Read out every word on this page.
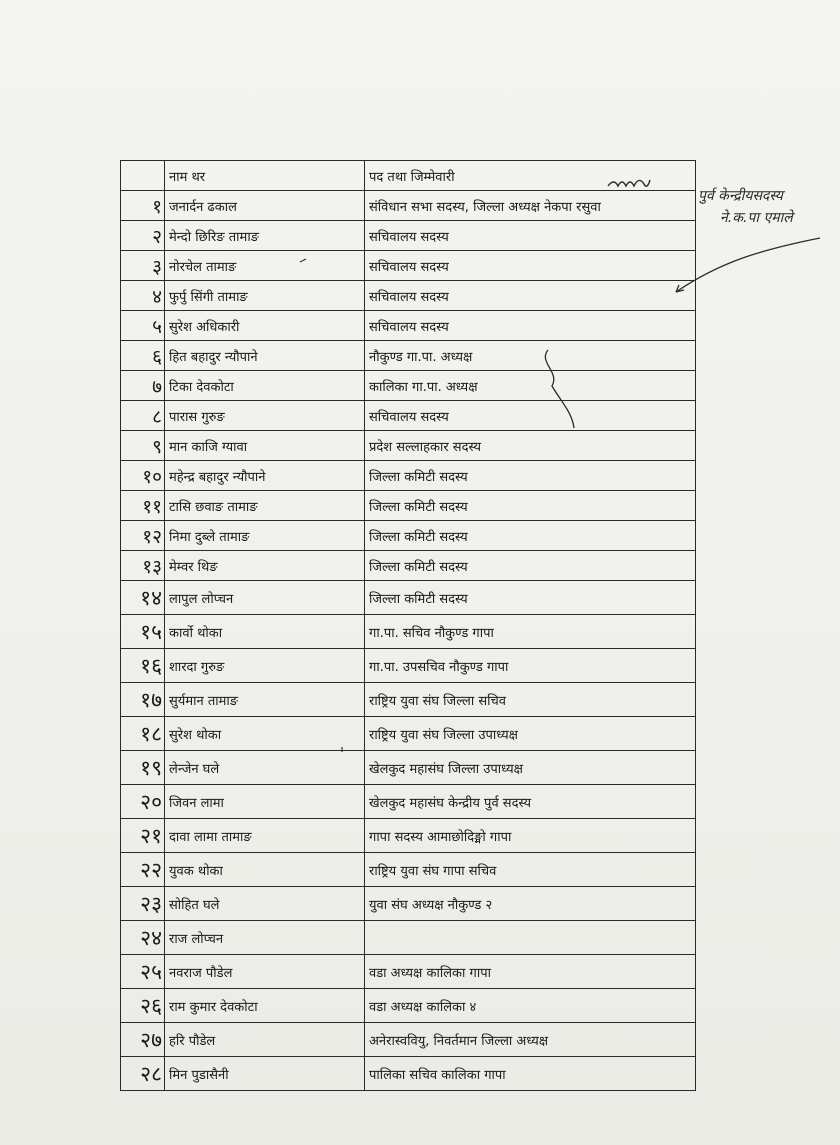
	नाम थर	पद तथा जिम्मेवारी
१	जनार्दन ढकाल	संविधान सभा सदस्य, जिल्ला अध्यक्ष नेकपा रसुवा
२	मेन्दो छिरिङ तामाङ	सचिवालय सदस्य
३	नोरचेल तामाङ	सचिवालय सदस्य
४	फुर्पु सिंगी तामाङ	सचिवालय सदस्य
५	सुरेश अधिकारी	सचिवालय सदस्य
६	हित बहादुर न्यौपाने	नौकुण्ड गा.पा. अध्यक्ष
७	टिका देवकोटा	कालिका गा.पा. अध्यक्ष
८	पारास गुरुङ	सचिवालय सदस्य
९	मान काजि ग्यावा	प्रदेश सल्लाहकार सदस्य
१०	महेन्द्र बहादुर न्यौपाने	जिल्ला कमिटी सदस्य
११	टासि छवाङ तामाङ	जिल्ला कमिटी सदस्य
१२	निमा दुब्ले तामाङ	जिल्ला कमिटी सदस्य
१३	मेम्वर थिङ	जिल्ला कमिटी सदस्य
१४	लापुल लोप्चन	जिल्ला कमिटी सदस्य
१५	कार्वो थोका	गा.पा. सचिव नौकुण्ड गापा
१६	शारदा गुरुङ	गा.पा. उपसचिव नौकुण्ड गापा
१७	सुर्यमान तामाङ	राष्ट्रिय युवा संघ जिल्ला सचिव
१८	सुरेश थोका	राष्ट्रिय युवा संघ जिल्ला उपाध्यक्ष
१९	लेन्जेन घले	खेलकुद महासंघ जिल्ला उपाध्यक्ष
२०	जिवन लामा	खेलकुद महासंघ केन्द्रीय पुर्व सदस्य
२१	दावा लामा तामाङ	गापा सदस्य आमाछोदिङ्मो गापा
२२	युवक थोका	राष्ट्रिय युवा संघ गापा सचिव
२३	सोहित घले	युवा संघ अध्यक्ष नौकुण्ड २
२४	राज लोप्चन	
२५	नवराज पौडेल	वडा अध्यक्ष कालिका गापा
२६	राम कुमार देवकोटा	वडा अध्यक्ष कालिका ४
२७	हरि पौडेल	अनेरास्ववियु, निवर्तमान जिल्ला अध्यक्ष
२८	मिन पुडासैनी	पालिका सचिव कालिका गापा
पुर्व केन्द्रीयसदस्य
ने.क.पा एमाले
